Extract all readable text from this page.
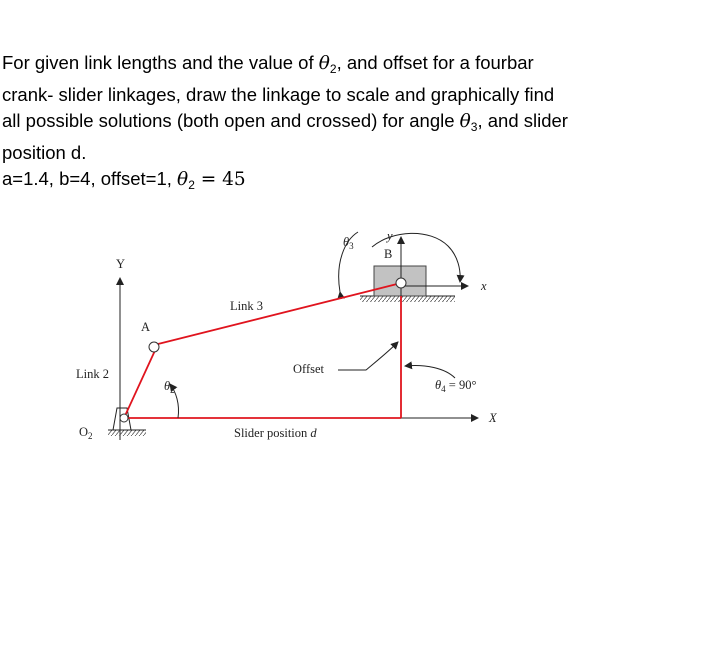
For given link lengths and the value of $\theta_2$, and offset for a fourbar

crank- slider linkages, draw the linkage to scale and graphically find

all possible solutions (both open and crossed) for angle $\theta_3$, and slider

position d.

a=1.4, b=4, offset=1, $\theta_2 = 45$

Y
X
y
x
A
B
Link 2
Link 3
$O_2$
$\theta_2$
$\theta_3$
Offset
$\theta_4 = 90^\circ$
Slider position d
